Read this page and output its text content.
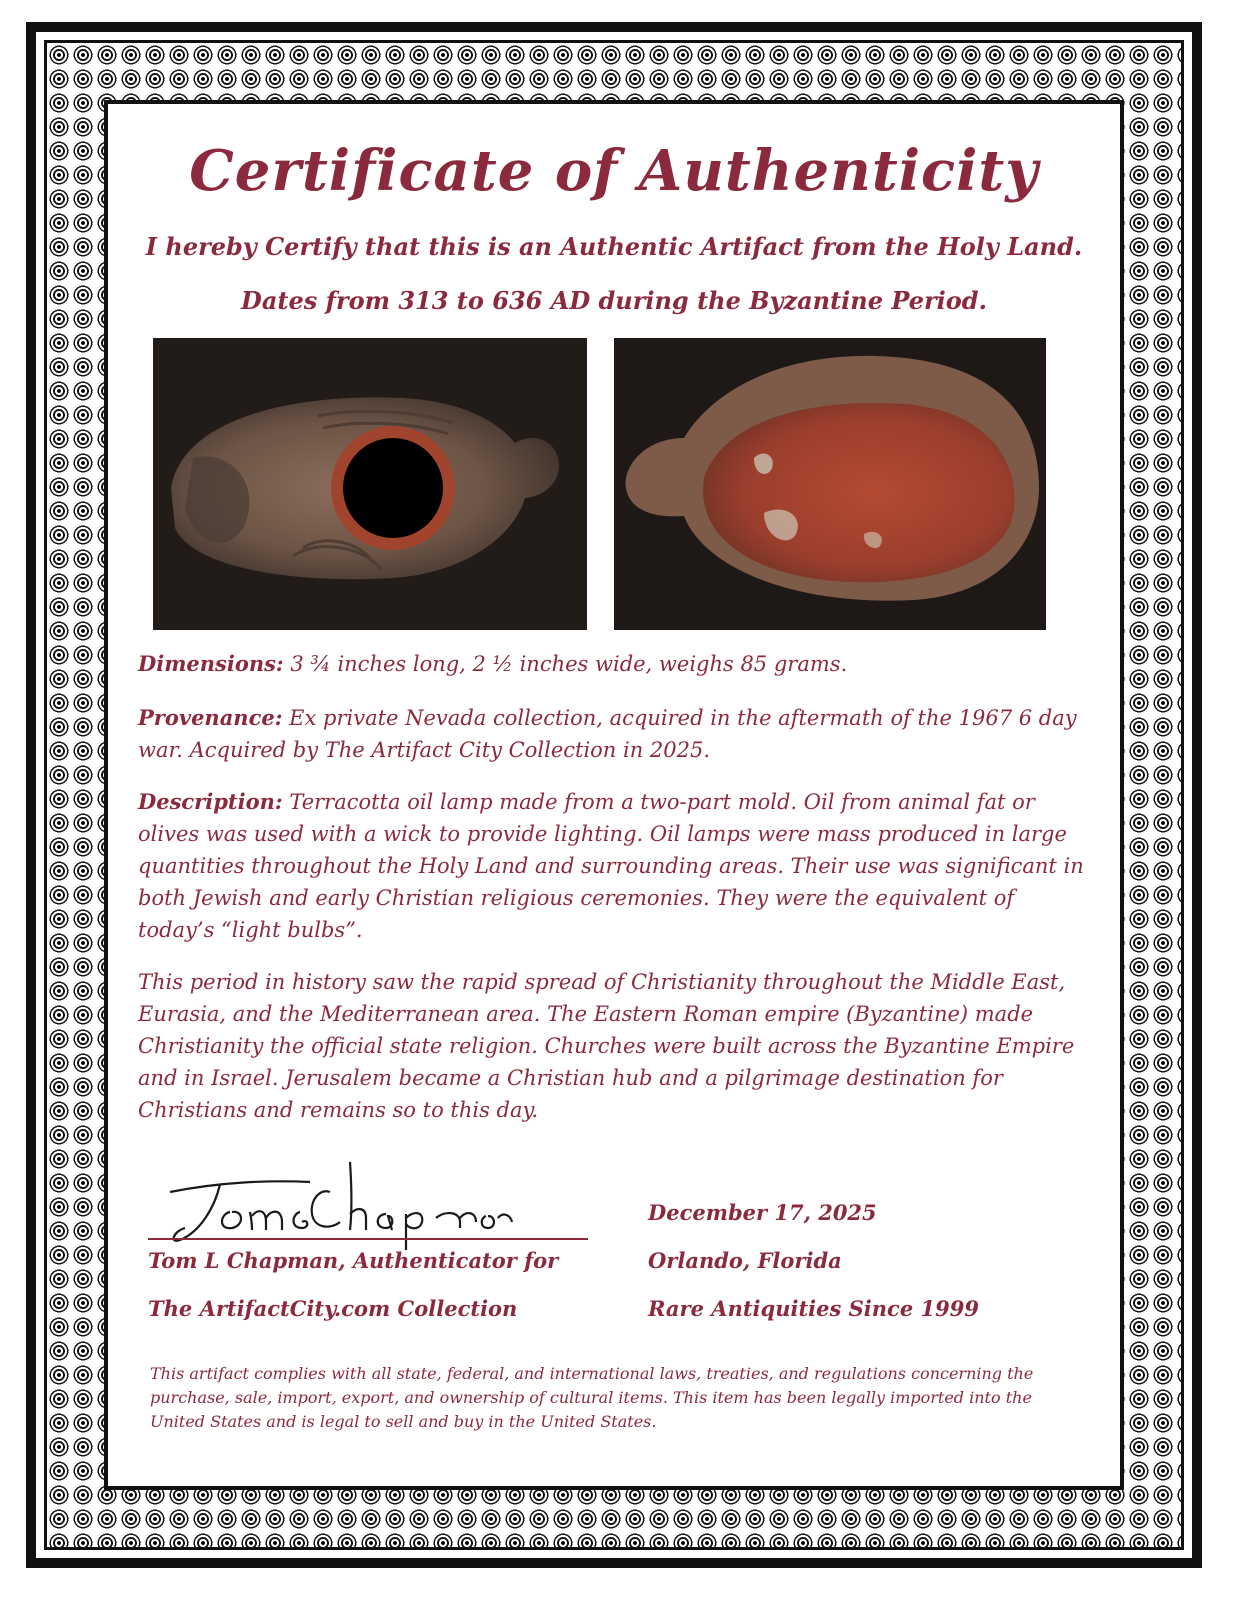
Certificate of Authenticity
I hereby Certify that this is an Authentic Artifact from the Holy Land.
Dates from 313 to 636 AD during the Byzantine Period.
Dimensions: 3 ¾ inches long, 2 ½ inches wide, weighs 85 grams.
Provenance: Ex private Nevada collection, acquired in the aftermath of the 1967 6 day war. Acquired by The Artifact City Collection in 2025.
Description: Terracotta oil lamp made from a two-part mold. Oil from animal fat or olives was used with a wick to provide lighting. Oil lamps were mass produced in large quantities throughout the Holy Land and surrounding areas. Their use was significant in both Jewish and early Christian religious ceremonies. They were the equivalent of today’s “light bulbs”.
This period in history saw the rapid spread of Christianity throughout the Middle East, Eurasia, and the Mediterranean area. The Eastern Roman empire (Byzantine) made Christianity the official state religion. Churches were built across the Byzantine Empire and in Israel. Jerusalem became a Christian hub and a pilgrimage destination for Christians and remains so to this day.
Tom L Chapman, Authenticator for
The ArtifactCity.com Collection
December 17, 2025
Orlando, Florida
Rare Antiquities Since 1999
This artifact complies with all state, federal, and international laws, treaties, and regulations concerning the purchase, sale, import, export, and ownership of cultural items. This item has been legally imported into the United States and is legal to sell and buy in the United States.
